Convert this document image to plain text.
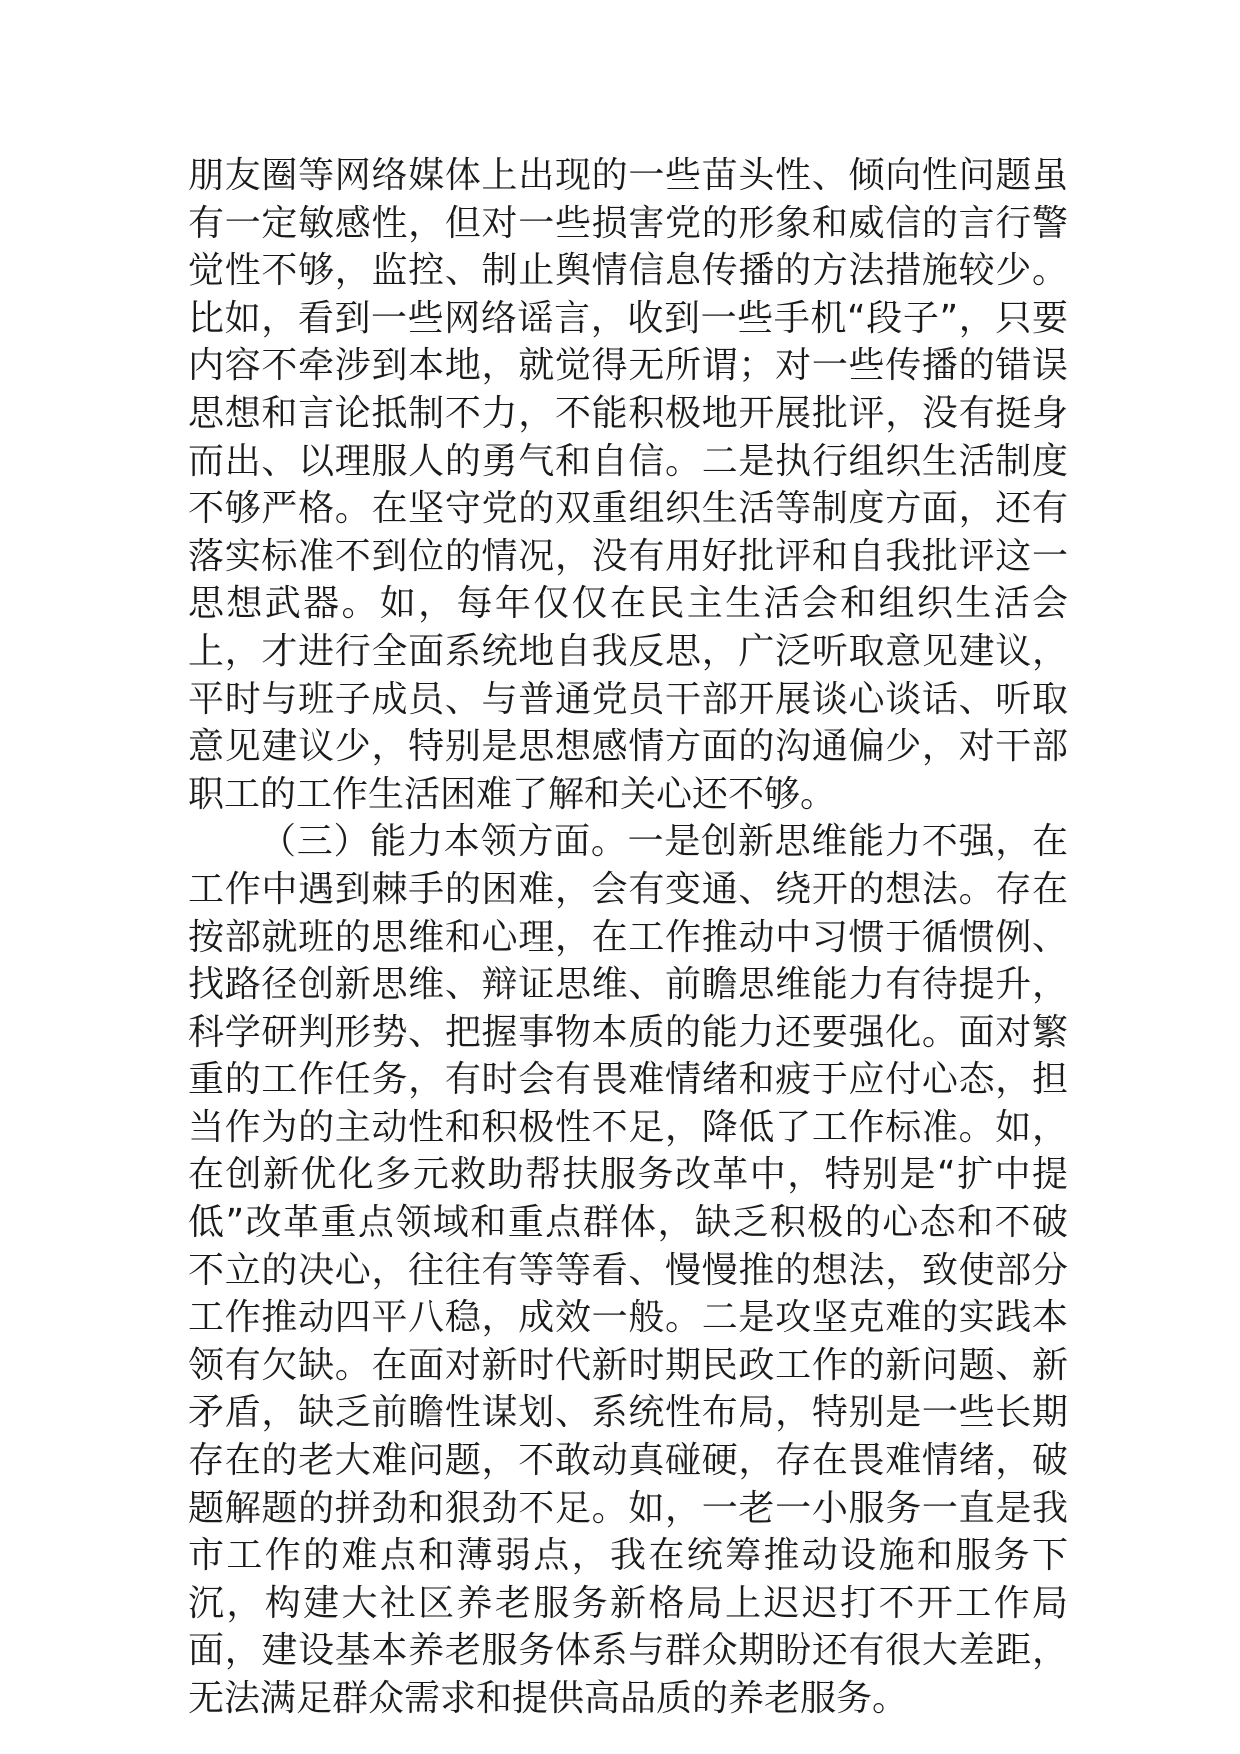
朋友圈等网络媒体上出现的一些苗头性、倾向性问题虽有一定敏感性，但对一些损害党的形象和威信的言行警觉性不够，监控、制止舆情信息传播的方法措施较少。比如，看到一些网络谣言，收到一些手机“段子”，只要内容不牵涉到本地，就觉得无所谓；对一些传播的错误思想和言论抵制不力，不能积极地开展批评，没有挺身而出、以理服人的勇气和自信。二是执行组织生活制度不够严格。在坚守党的双重组织生活等制度方面，还有落实标准不到位的情况，没有用好批评和自我批评这一思想武器。如，每年仅仅在民主生活会和组织生活会上，才进行全面系统地自我反思，广泛听取意见建议，平时与班子成员、与普通党员干部开展谈心谈话、听取意见建议少，特别是思想感情方面的沟通偏少，对干部职工的工作生活困难了解和关心还不够。

（三）能力本领方面。一是创新思维能力不强，在工作中遇到棘手的困难，会有变通、绕开的想法。存在按部就班的思维和心理，在工作推动中习惯于循惯例、找路径创新思维、辩证思维、前瞻思维能力有待提升，科学研判形势、把握事物本质的能力还要强化。面对繁重的工作任务，有时会有畏难情绪和疲于应付心态，担当作为的主动性和积极性不足，降低了工作标准。如，在创新优化多元救助帮扶服务改革中，特别是“扩中提低”改革重点领域和重点群体，缺乏积极的心态和不破不立的决心，往往有等等看、慢慢推的想法，致使部分工作推动四平八稳，成效一般。二是攻坚克难的实践本领有欠缺。在面对新时代新时期民政工作的新问题、新矛盾，缺乏前瞻性谋划、系统性布局，特别是一些长期存在的老大难问题，不敢动真碰硬，存在畏难情绪，破题解题的拼劲和狠劲不足。如，一老一小服务一直是我市工作的难点和薄弱点，我在统筹推动设施和服务下沉，构建大社区养老服务新格局上迟迟打不开工作局面，建设基本养老服务体系与群众期盼还有很大差距，无法满足群众需求和提供高品质的养老服务。
